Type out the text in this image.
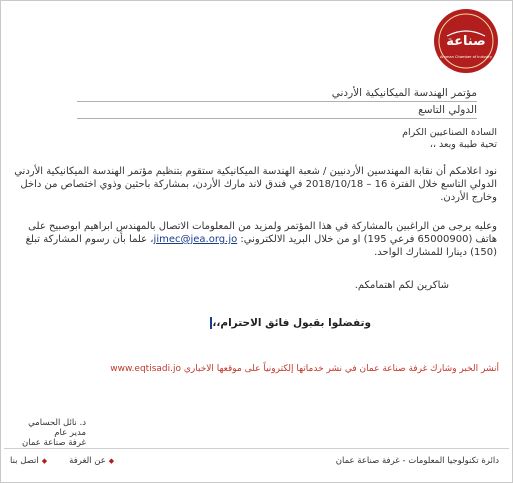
صناعة
Amman Chamber of Industry
مؤتمر الهندسة الميكانيكية الأردني
الدولي التاسع
السادة الصناعيين الكرام
تحية طيبة وبعد ،،

نود اعلامكم أن نقابة المهندسين الأردنيين / شعبة الهندسة الميكانيكية ستقوم بتنظيم مؤتمر الهندسة الميكانيكية الأردني الدولي التاسع خلال الفترة 16 – 2018/10/18 في فندق لاند مارك الأردن، بمشاركة باحثين وذوي اختصاص من داخل وخارج الأردن.

وعليه يرجى من الراغبين بالمشاركة في هذا المؤتمر ولمزيد من المعلومات الاتصال بالمهندس ابراهيم ابوصبيح على هاتف (65000900 فرعي 195) او من خلال البريد الالكتروني: jimec@jea.org.jo، علما بأن رسوم المشاركة تبلغ (150) دينارا للمشارك الواحد.

شاكرين لكم اهتمامكم.
وتفضلوا بقبول فائق الاحترام،،
أنشر الخبر وشارك غرفة صناعة عمان في نشر خدماتها إلكترونياً على موقعها الاخباري www.eqtisadi.jo
د. نائل الحسامي
مدير عام
غرفة صناعة عمان
◆
عن الغرفة
◆
اتصل بنا	دائرة تكنولوجيا المعلومات - غرفة صناعة عمان
